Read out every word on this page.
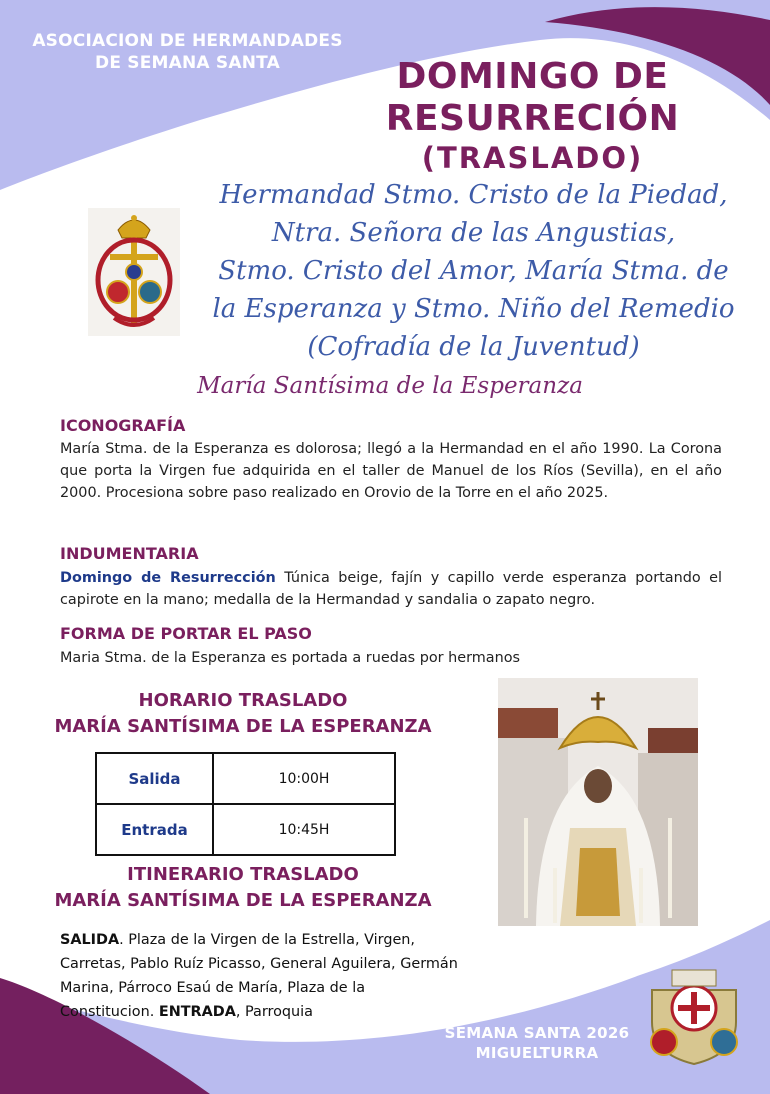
ASOCIACION DE HERMANDADES
DE SEMANA SANTA	DOMINGO DE
RESURRECIÓN
(TRASLADO)
Hermandad Stmo. Cristo de la Piedad,
Ntra. Señora de las Angustias,
Stmo. Cristo del Amor, María Stma. de
la Esperanza y Stmo. Niño del Remedio
(Cofradía de la Juventud)
María Santísima de la Esperanza
ICONOGRAFÍA
María Stma. de la Esperanza es dolorosa; llegó a la Hermandad en el año 1990. La Corona que porta la Virgen fue adquirida en el taller de Manuel de los Ríos (Sevilla), en el año 2000. Procesiona sobre paso realizado en Orovio de la Torre en el año 2025.
INDUMENTARIA
Domingo de Resurrección Túnica beige, fajín y capillo verde esperanza portando el capirote en la mano; medalla de la Hermandad y sandalia o zapato negro.
FORMA DE PORTAR EL PASO
Maria Stma. de la Esperanza es portada a ruedas por hermanos
HORARIO TRASLADO
MARÍA SANTÍSIMA DE LA ESPERANZA
Salida	10:00H
Entrada	10:45H
ITINERARIO TRASLADO
MARÍA SANTÍSIMA DE LA ESPERANZA
SALIDA. Plaza de la Virgen de la Estrella, Virgen, Carretas, Pablo Ruíz Picasso, General Aguilera, Germán Marina, Párroco Esaú de María, Plaza de la Constitucion. ENTRADA, Parroquia
SEMANA SANTA 2026
MIGUELTURRA
